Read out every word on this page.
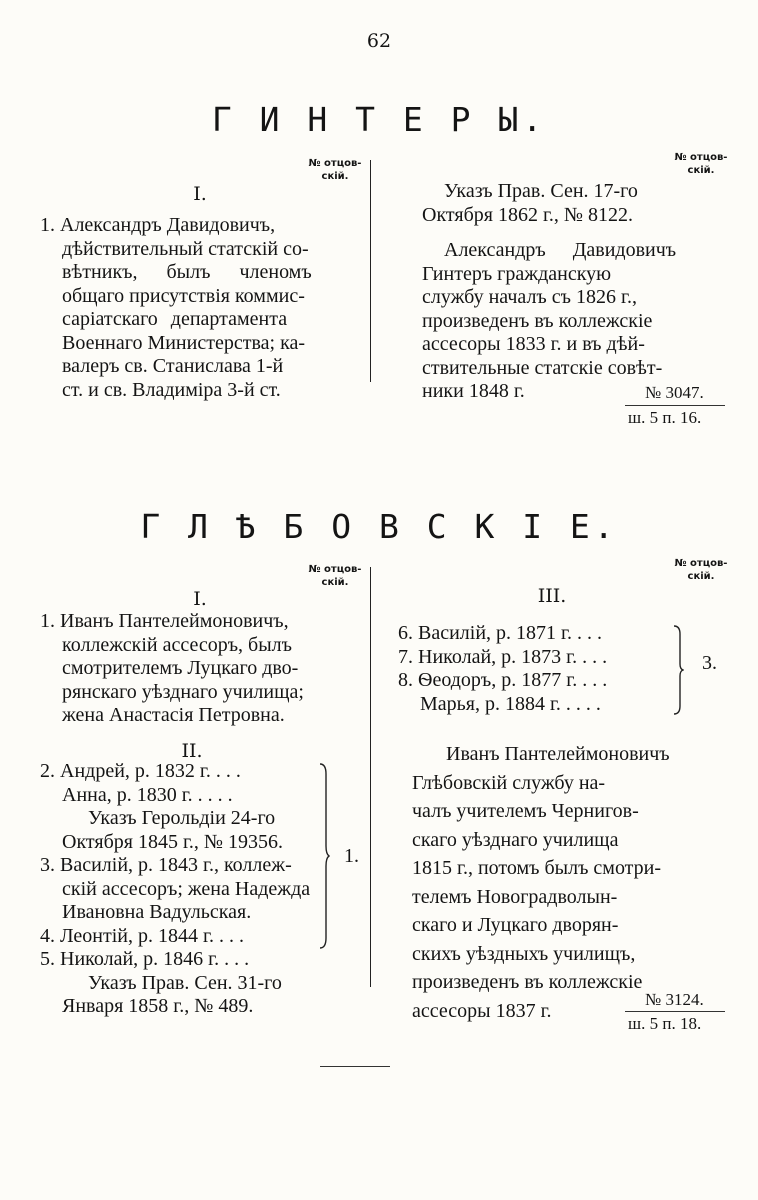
62
Г И Н Т Е Р Ы.
№ отцов-
скій.
№ отцов-
скій.
I.
1. Александръ Давидовичъ,
дѣйствительный статскій со-
вѣтникъ, былъ членомъ
общаго присутствія коммис-
саріатскаго департамента
Военнаго Министерства; ка-
валеръ св. Станислава 1-й
ст. и св. Владиміра 3-й ст.
Указъ Прав. Сен. 17-го
Октября 1862 г., № 8122.
Александръ Давидовичъ
Гинтеръ гражданскую
службу началъ съ 1826 г.,
произведенъ въ коллежскіе
ассесоры 1833 г. и въ дѣй-
ствительные статскіе совѣт-
ники 1848 г.	№ 3047.
ш. 5 п. 16.
Г Л Ѣ Б О В С К І Е.
№ отцов-
скій.
№ отцов-
скій.
I.
1. Иванъ Пантелеймоновичъ,
коллежскій ассесоръ, былъ
смотрителемъ Луцкаго дво-
рянскаго уѣзднаго училища;
жена Анастасія Петровна.
II.
2. Андрей, р. 1832 г. . . .
Анна, р. 1830 г. . . . .
Указъ Герольдіи 24-го
Октября 1845 г., № 19356.
3. Василій, р. 1843 г., коллеж-
скій ассесоръ; жена Надежда
Ивановна Вадульская.
4. Леонтій, р. 1844 г. . . .
5. Николай, р. 1846 г. . . .
Указъ Прав. Сен. 31-го
Января 1858 г., № 489.
1.
III.
6. Василій, р. 1871 г. . . .
7. Николай, р. 1873 г. . . .
8. Ѳеодоръ, р. 1877 г. . . .
Марья, р. 1884 г. . . . .
3.
Иванъ Пантелеймоновичъ
Глѣбовскій службу на-
чалъ учителемъ Чернигов-
скаго уѣзднаго училища
1815 г., потомъ былъ смотри-
телемъ Новоградволын-
скаго и Луцкаго дворян-
скихъ уѣздныхъ училищъ,
произведенъ въ коллежскіе
ассесоры 1837 г.	№ 3124.
ш. 5 п. 18.
